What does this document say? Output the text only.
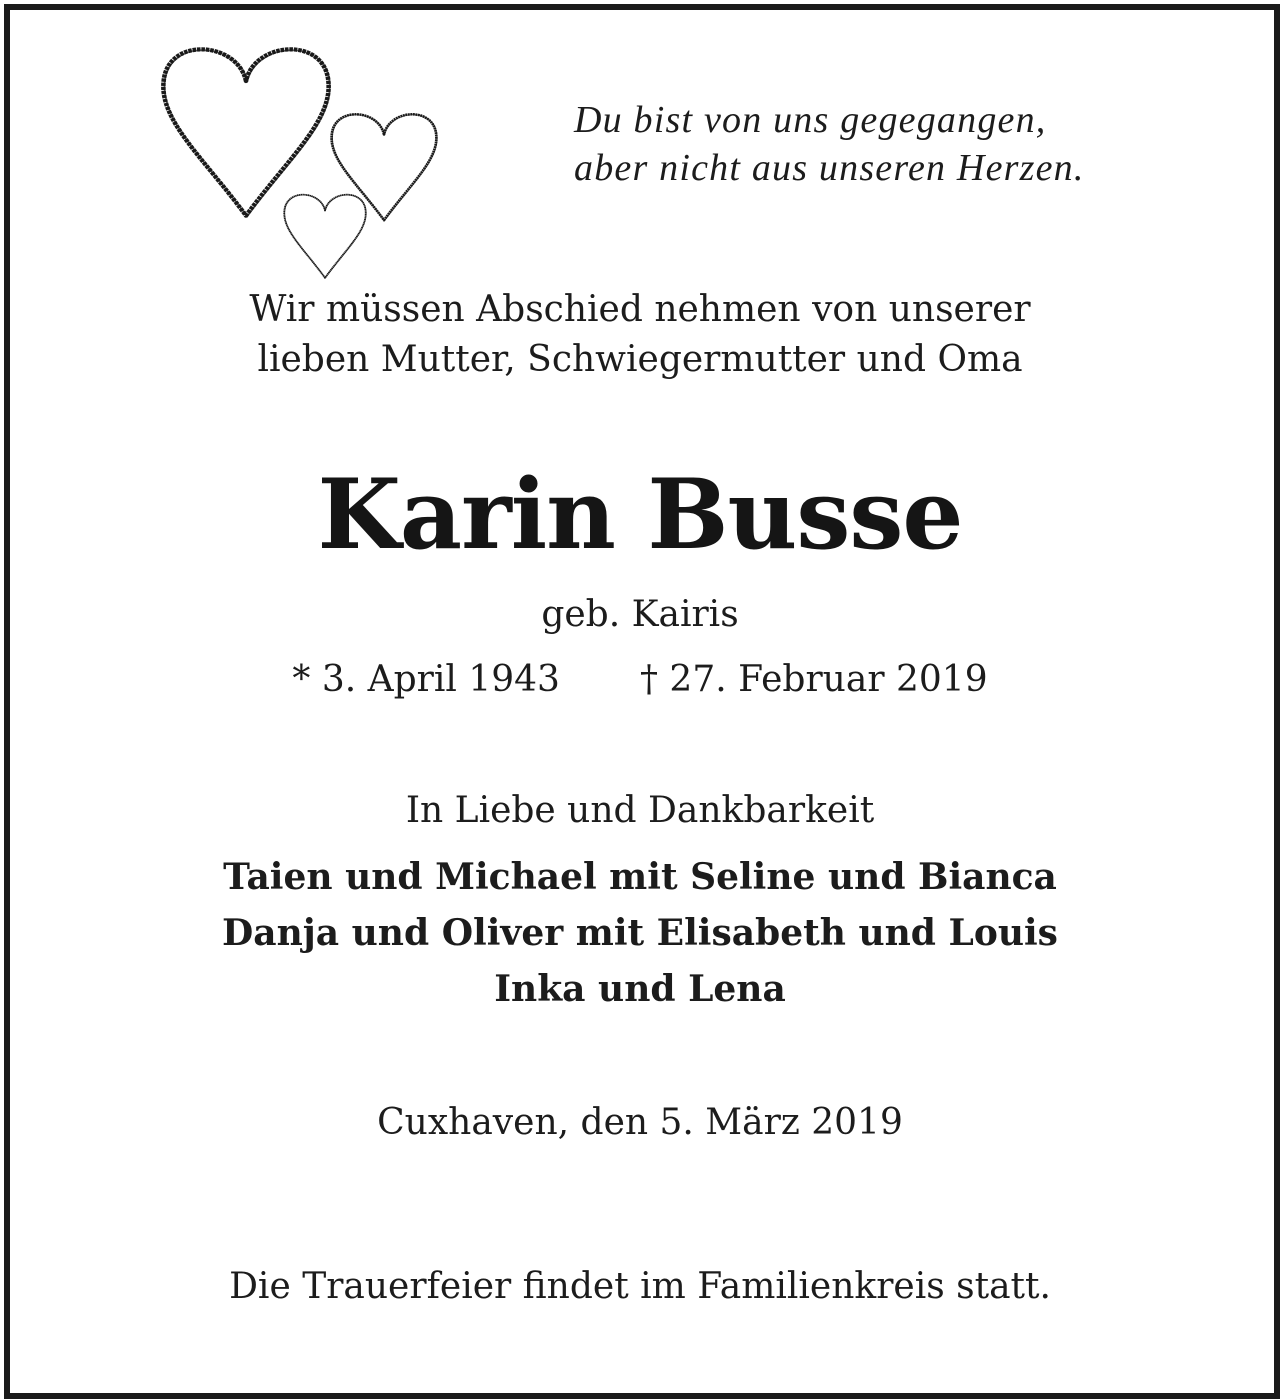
Du bist von uns gegegangen,
aber nicht aus unseren Herzen.
Wir müssen Abschied nehmen von unserer
lieben Mutter, Schwiegermutter und Oma
Karin Busse
geb. Kairis
* 3. April 1943 † 27. Februar 2019
In Liebe und Dankbarkeit
Taien und Michael mit Seline und Bianca
Danja und Oliver mit Elisabeth und Louis
Inka und Lena
Cuxhaven, den 5. März 2019
Die Trauerfeier findet im Familienkreis statt.
